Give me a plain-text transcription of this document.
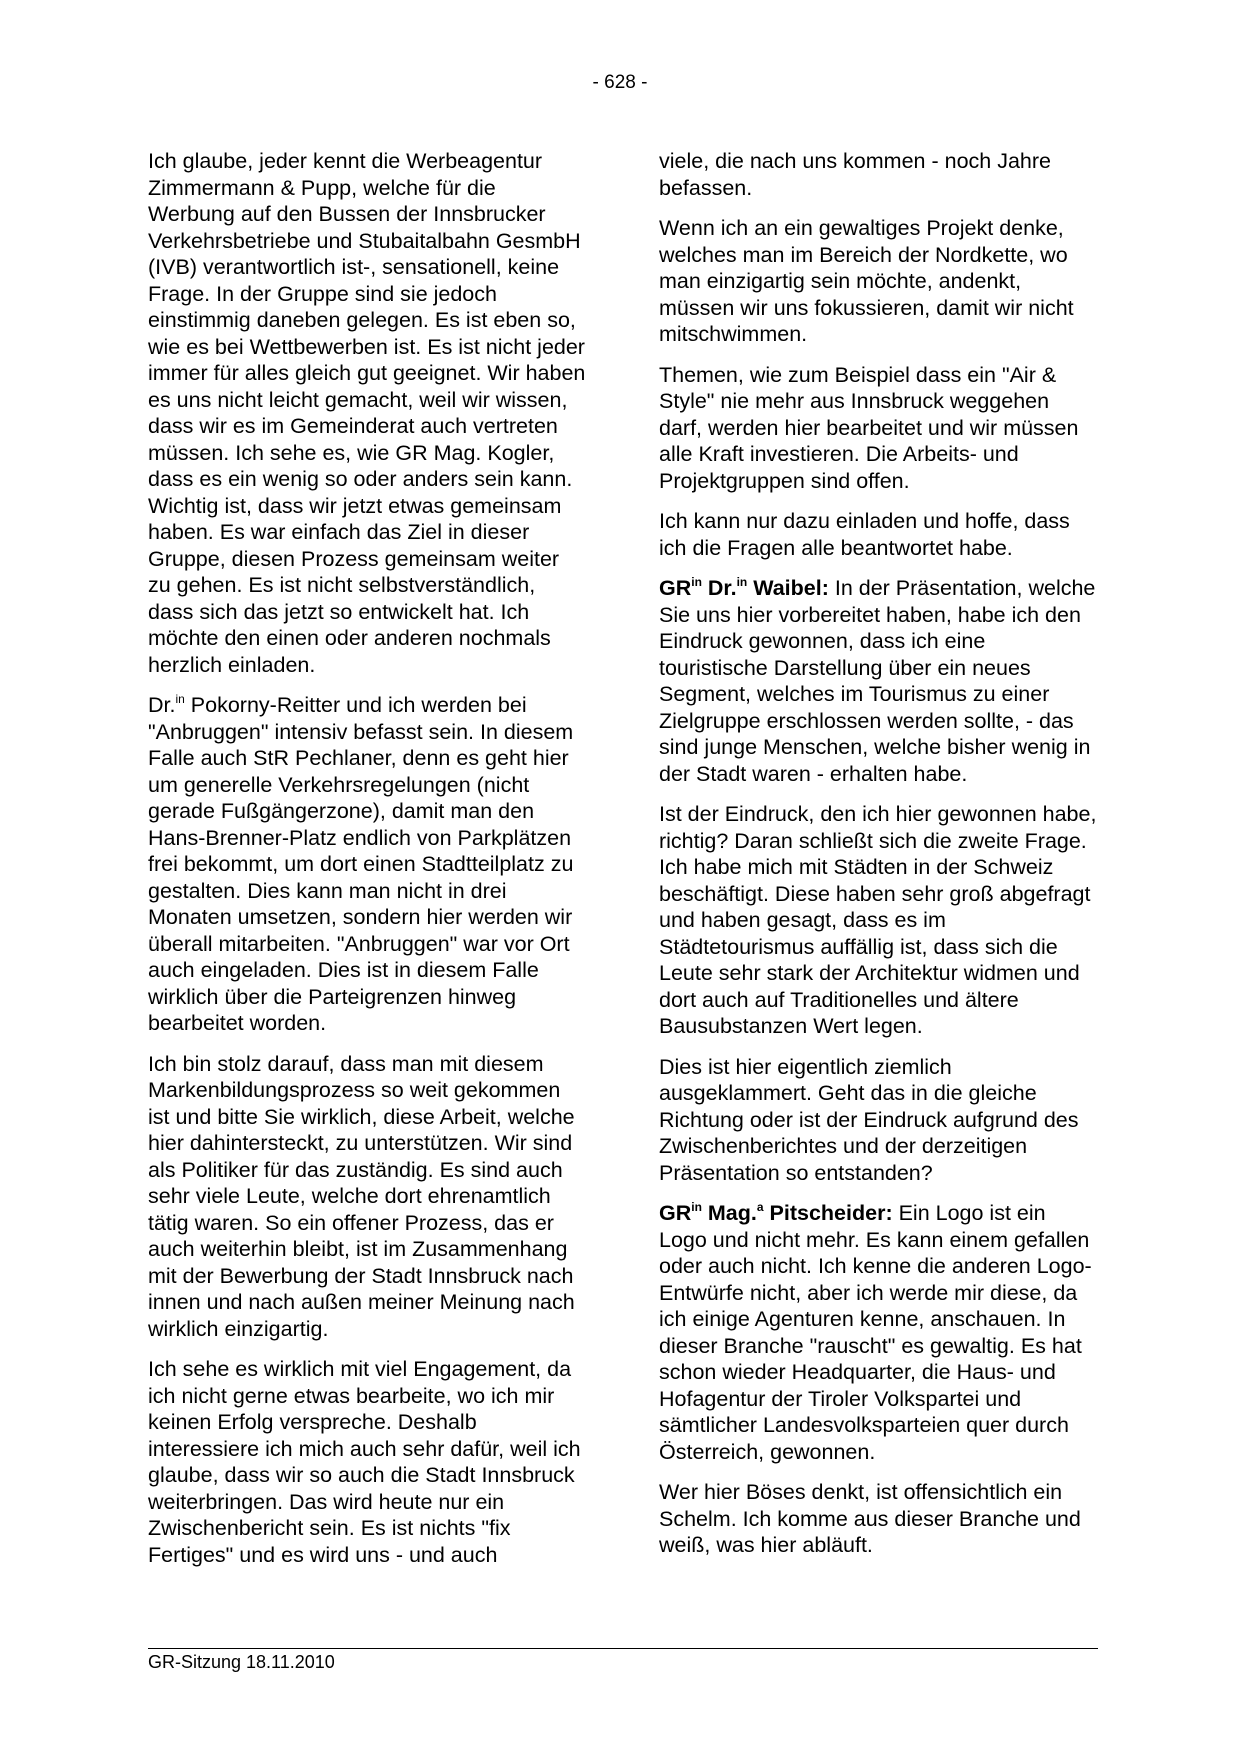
- 628 -

Ich glaube, jeder kennt die Werbeagentur Zimmermann & Pupp, welche für die Werbung auf den Bussen der Innsbrucker Verkehrsbetriebe und Stubaitalbahn GesmbH (IVB) verantwortlich ist-, sensationell, keine Frage. In der Gruppe sind sie jedoch einstimmig daneben gelegen. Es ist eben so, wie es bei Wettbewerben ist. Es ist nicht jeder immer für alles gleich gut geeignet. Wir haben es uns nicht leicht gemacht, weil wir wissen, dass wir es im Gemeinderat auch vertreten müssen. Ich sehe es, wie GR Mag. Kogler, dass es ein wenig so oder anders sein kann. Wichtig ist, dass wir jetzt etwas gemeinsam haben. Es war einfach das Ziel in dieser Gruppe, diesen Prozess gemeinsam weiter zu gehen. Es ist nicht selbstverständlich, dass sich das jetzt so entwickelt hat. Ich möchte den einen oder anderen nochmals herzlich einladen.

Dr.$^{in}$ Pokorny-Reitter und ich werden bei "Anbruggen" intensiv befasst sein. In diesem Falle auch StR Pechlaner, denn es geht hier um generelle Verkehrsregelungen (nicht gerade Fußgängerzone), damit man den Hans-Brenner-Platz endlich von Parkplätzen frei bekommt, um dort einen Stadtteilplatz zu gestalten. Dies kann man nicht in drei Monaten umsetzen, sondern hier werden wir überall mitarbeiten. "Anbruggen" war vor Ort auch eingeladen. Dies ist in diesem Falle wirklich über die Parteigrenzen hinweg bearbeitet worden.

Ich bin stolz darauf, dass man mit diesem Markenbildungsprozess so weit gekommen ist und bitte Sie wirklich, diese Arbeit, welche hier dahintersteckt, zu unterstützen. Wir sind als Politiker für das zuständig. Es sind auch sehr viele Leute, welche dort ehrenamtlich tätig waren. So ein offener Prozess, das er auch weiterhin bleibt, ist im Zusammenhang mit der Bewerbung der Stadt Innsbruck nach innen und nach außen meiner Meinung nach wirklich einzigartig.

Ich sehe es wirklich mit viel Engagement, da ich nicht gerne etwas bearbeite, wo ich mir keinen Erfolg verspreche. Deshalb interessiere ich mich auch sehr dafür, weil ich glaube, dass wir so auch die Stadt Innsbruck weiterbringen. Das wird heute nur ein Zwischenbericht sein. Es ist nichts "fix Fertiges" und es wird uns - und auch

viele, die nach uns kommen - noch Jahre befassen.

Wenn ich an ein gewaltiges Projekt denke, welches man im Bereich der Nordkette, wo man einzigartig sein möchte, andenkt, müssen wir uns fokussieren, damit wir nicht mitschwimmen.

Themen, wie zum Beispiel dass ein "Air & Style" nie mehr aus Innsbruck weggehen darf, werden hier bearbeitet und wir müssen alle Kraft investieren. Die Arbeits- und Projektgruppen sind offen.

Ich kann nur dazu einladen und hoffe, dass ich die Fragen alle beantwortet habe.

$GR^{in}$ Dr.$^{in}$ Waibel: In der Präsentation, welche Sie uns hier vorbereitet haben, habe ich den Eindruck gewonnen, dass ich eine touristische Darstellung über ein neues Segment, welches im Tourismus zu einer Zielgruppe erschlossen werden sollte, - das sind junge Menschen, welche bisher wenig in der Stadt waren - erhalten habe.

Ist der Eindruck, den ich hier gewonnen habe, richtig? Daran schließt sich die zweite Frage. Ich habe mich mit Städten in der Schweiz beschäftigt. Diese haben sehr groß abgefragt und haben gesagt, dass es im Städtetourismus auffällig ist, dass sich die Leute sehr stark der Architektur widmen und dort auch auf Traditionelles und ältere Bausubstanzen Wert legen.

Dies ist hier eigentlich ziemlich ausgeklammert. Geht das in die gleiche Richtung oder ist der Eindruck aufgrund des Zwischenberichtes und der derzeitigen Präsentation so entstanden?

$GR^{in}$ Mag.$^a$ Pitscheider: Ein Logo ist ein Logo und nicht mehr. Es kann einem gefallen oder auch nicht. Ich kenne die anderen Logo-Entwürfe nicht, aber ich werde mir diese, da ich einige Agenturen kenne, anschauen. In dieser Branche "rauscht" es gewaltig. Es hat schon wieder Headquarter, die Haus- und Hofagentur der Tiroler Volkspartei und sämtlicher Landesvolksparteien quer durch Österreich, gewonnen.

Wer hier Böses denkt, ist offensichtlich ein Schelm. Ich komme aus dieser Branche und weiß, was hier abläuft.

GR-Sitzung 18.11.2010
